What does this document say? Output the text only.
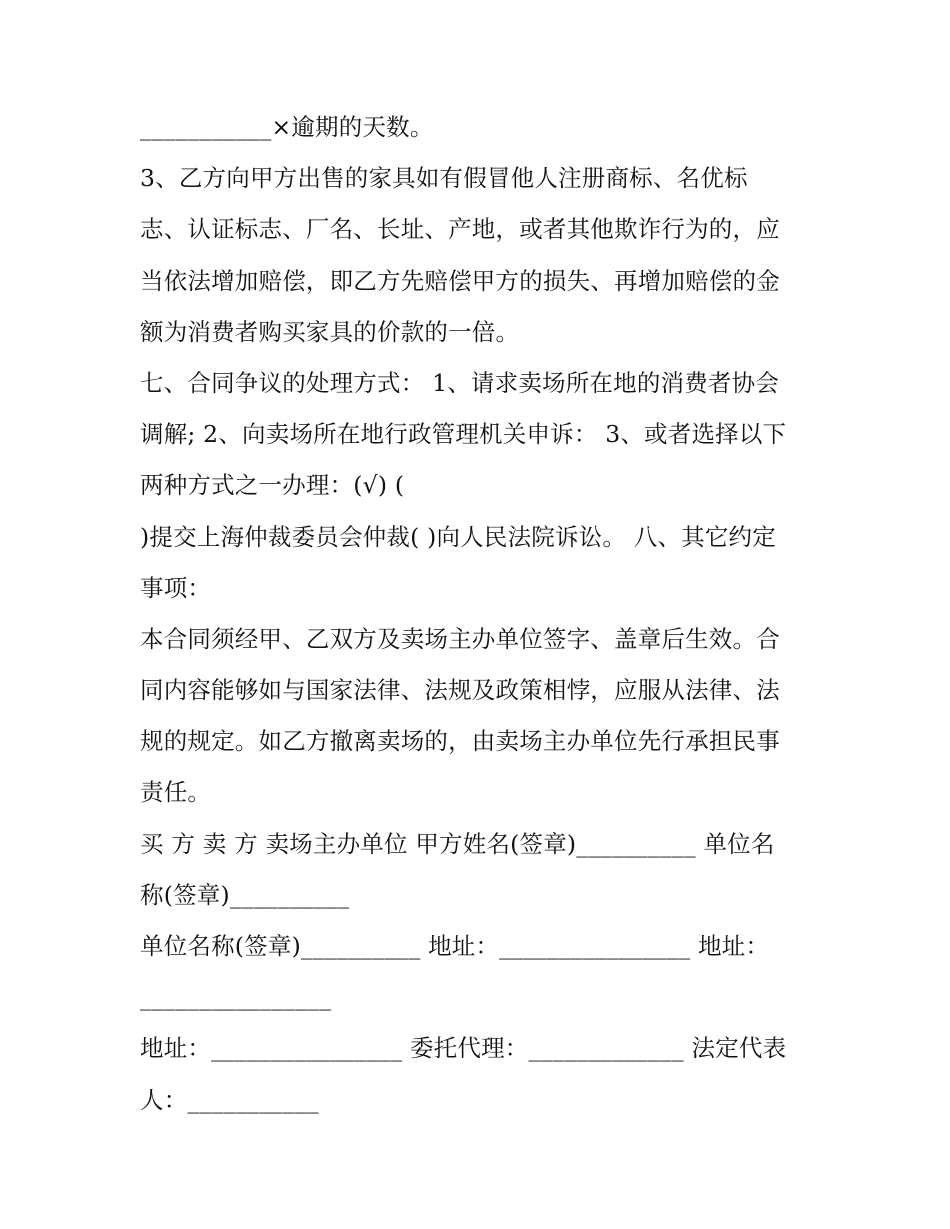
___________×逾期的天数。
3、乙方向甲方出售的家具如有假冒他人注册商标、名优标
志、认证标志、厂名、长址、产地，或者其他欺诈行为的，应
当依法增加赔偿，即乙方先赔偿甲方的损失、再增加赔偿的金
额为消费者购买家具的价款的一倍。
七、合同争议的处理方式： 1、请求卖场所在地的消费者协会
调解; 2、向卖场所在地行政管理机关申诉： 3、或者选择以下
两种方式之一办理：(√) (
)提交上海仲裁委员会仲裁( )向人民法院诉讼。 八、其它约定
事项：
本合同须经甲、乙双方及卖场主办单位签字、盖章后生效。合
同内容能够如与国家法律、法规及政策相悖，应服从法律、法
规的规定。如乙方撤离卖场的，由卖场主办单位先行承担民事
责任。
买 方 卖 方 卖场主办单位 甲方姓名(签章)__________ 单位名
称(签章)__________
单位名称(签章)__________ 地址：________________ 地址：
________________
地址：________________ 委托代理：_____________ 法定代表
人：___________
